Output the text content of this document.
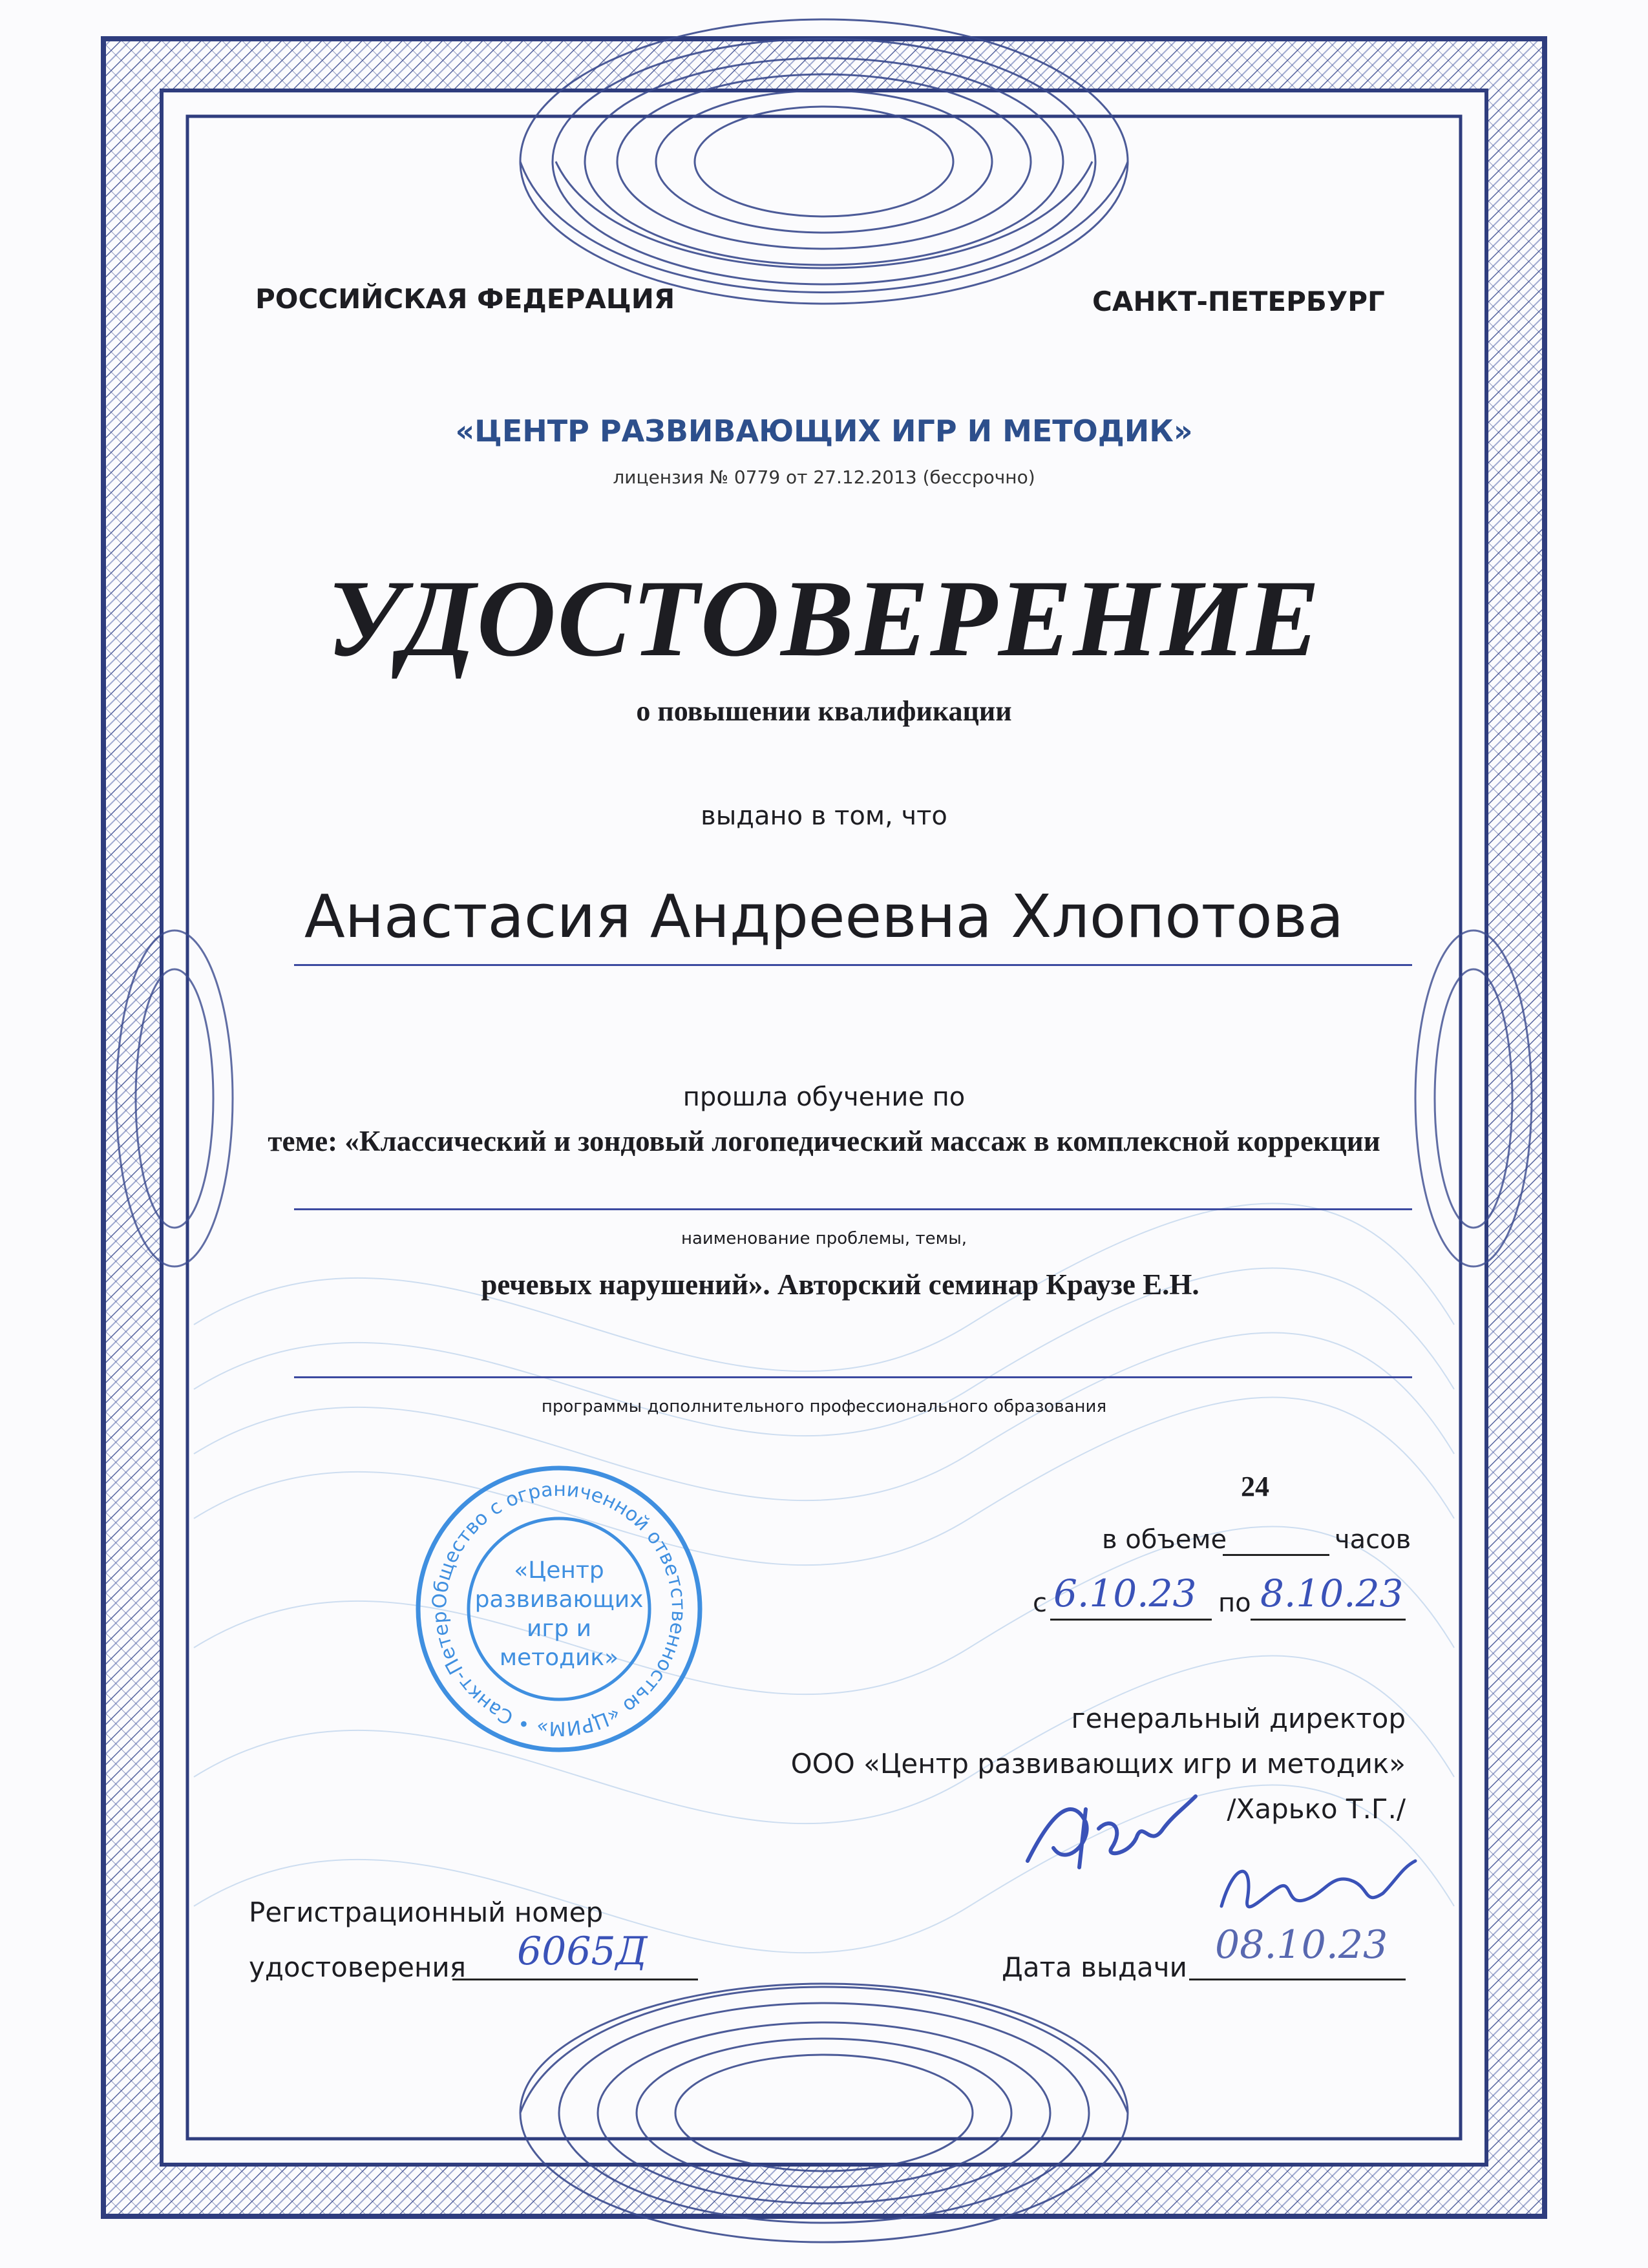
РОССИЙСКАЯ ФЕДЕРАЦИЯ	САНКТ-ПЕТЕРБУРГ
«ЦЕНТР РАЗВИВАЮЩИХ ИГР И МЕТОДИК»
лицензия № 0779 от 27.12.2013 (бессрочно)
УДОСТОВЕРЕНИЕ
о повышении квалификации
выдано в том, что
Анастасия Андреевна Хлопотова
прошла обучение по
теме: «Классический и зондовый логопедический массаж в комплексной коррекции
наименование проблемы, темы,
речевых нарушений». Авторский семинар Краузе Е.Н.
программы дополнительного профессионального образования
24
в объеме	часов
с 6.10.23 по 8.10.23
Общество с ограниченной ответственностью «ЦРИМ» • Санкт-Петер
«Центр
развивающих
игр и
методик»
генеральный директор
ООО «Центр развивающих игр и методик»
/Харько Т.Г./
Регистрационный номер
удостоверения 6065Д	Дата выдачи 08.10.23
